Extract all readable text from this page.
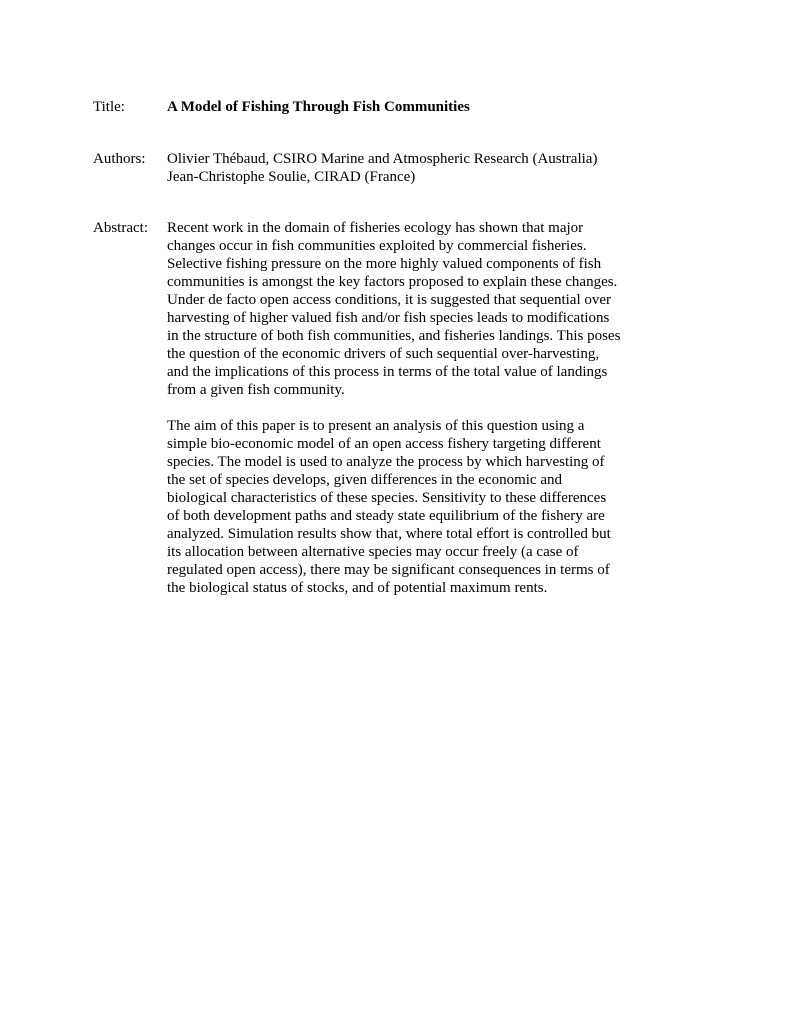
Title:	A Model of Fishing Through Fish Communities
Authors: Olivier Thébaud, CSIRO Marine and Atmospheric Research (Australia)
Jean-Christophe Soulie, CIRAD (France)
Abstract: Recent work in the domain of fisheries ecology has shown that major
changes occur in fish communities exploited by commercial fisheries.
Selective fishing pressure on the more highly valued components of fish
communities is amongst the key factors proposed to explain these changes.
Under de facto open access conditions, it is suggested that sequential over
harvesting of higher valued fish and/or fish species leads to modifications
in the structure of both fish communities, and fisheries landings. This poses
the question of the economic drivers of such sequential over-harvesting,
and the implications of this process in terms of the total value of landings
from a given fish community.
The aim of this paper is to present an analysis of this question using a
simple bio-economic model of an open access fishery targeting different
species. The model is used to analyze the process by which harvesting of
the set of species develops, given differences in the economic and
biological characteristics of these species. Sensitivity to these differences
of both development paths and steady state equilibrium of the fishery are
analyzed. Simulation results show that, where total effort is controlled but
its allocation between alternative species may occur freely (a case of
regulated open access), there may be significant consequences in terms of
the biological status of stocks, and of potential maximum rents.
